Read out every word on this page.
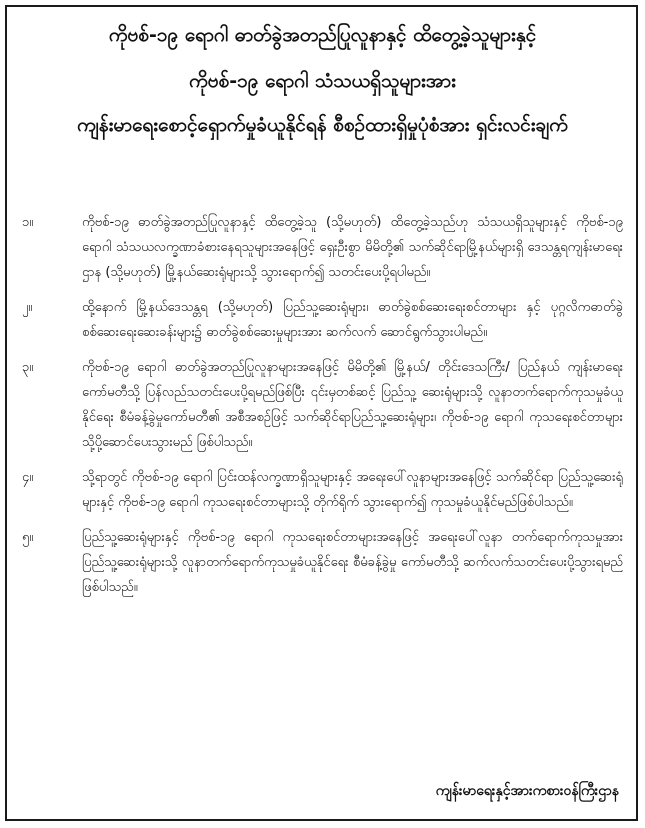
ကိုဗစ်-၁၉ ရောဂါ ဓာတ်ခွဲအတည်ပြုလူနာနှင့် ထိတွေ့ခဲ့သူများနှင့်
ကိုဗစ်-၁၉ ရောဂါ သံသယရှိသူများအား
ကျန်းမာရေးစောင့်ရှောက်မှုခံယူနိုင်ရန် စီစဉ်ထားရှိမှုပုံစံအား ရှင်းလင်းချက်
၁။	ကိုဗစ်-၁၉ ဓာတ်ခွဲအတည်ပြုလူနာနှင့် ထိတွေ့ခဲ့သူ (သို့မဟုတ်) ထိတွေ့ခဲ့သည်ဟု သံသယရှိသူများနှင့် ကိုဗစ်-၁၉ ရောဂါ သံသယလက္ခဏာခံစားနေရသူများအနေဖြင့် ရှေးဦးစွာ မိမိတို့၏ သက်ဆိုင်ရာမြို့နယ်များရှိ ဒေသန္တရကျန်းမာရေးဌာန (သို့မဟုတ်) မြို့နယ်ဆေးရုံများသို့ သွားရောက်၍ သတင်းပေးပို့ရပါမည်။
၂။	ထို့နောက် မြို့နယ်ဒေသန္တရ (သို့မဟုတ်) ပြည်သူ့ဆေးရုံများ၊ ဓာတ်ခွဲစစ်ဆေးရေးစင်တာများ နှင့် ပုဂ္ဂလိကဓာတ်ခွဲစစ်ဆေးရေးဆေးခန်းများ၌ ဓာတ်ခွဲစစ်ဆေးမှုများအား ဆက်လက် ဆောင်ရွက်သွားပါမည်။
၃။	ကိုဗစ်-၁၉ ရောဂါ ဓာတ်ခွဲအတည်ပြုလူနာများအနေဖြင့် မိမိတို့၏ မြို့နယ်/ တိုင်းဒေသကြီး/ ပြည်နယ် ကျန်းမာရေးကော်မတီသို့ ပြန်လည်သတင်းပေးပို့ရမည်ဖြစ်ပြီး ၎င်းမှတစ်ဆင့် ပြည်သူ့ ဆေးရုံများသို့ လူနာတက်ရောက်ကုသမှုခံယူနိုင်ရေး စီမံခန့်ခွဲမှုကော်မတီ၏ အစီအစဉ်ဖြင့် သက်ဆိုင်ရာပြည်သူ့ဆေးရုံများ၊ ကိုဗစ်-၁၉ ရောဂါ ကုသရေးစင်တာများသို့ပို့ဆောင်ပေးသွားမည် ဖြစ်ပါသည်။
၄။	သို့ရာတွင် ကိုဗစ်-၁၉ ရောဂါ ပြင်းထန်လက္ခဏာရှိသူများနှင့် အရေးပေါ်လူနာများအနေဖြင့် သက်ဆိုင်ရာ ပြည်သူ့ဆေးရုံများနှင့် ကိုဗစ်-၁၉ ရောဂါ ကုသရေးစင်တာများသို့ တိုက်ရိုက် သွားရောက်၍ ကုသမှုခံယူနိုင်မည်ဖြစ်ပါသည်။
၅။	ပြည်သူ့ဆေးရုံများနှင့် ကိုဗစ်-၁၉ ရောဂါ ကုသရေးစင်တာများအနေဖြင့် အရေးပေါ်လူနာ တက်ရောက်ကုသမှုအား ပြည်သူ့ဆေးရုံများသို့ လူနာတက်ရောက်ကုသမှုခံယူနိုင်ရေး စီမံခန့်ခွဲမှု ကော်မတီသို့ ဆက်လက်သတင်းပေးပို့သွားရမည် ဖြစ်ပါသည်။
ကျန်းမာရေးနှင့်အားကစားဝန်ကြီးဌာန
